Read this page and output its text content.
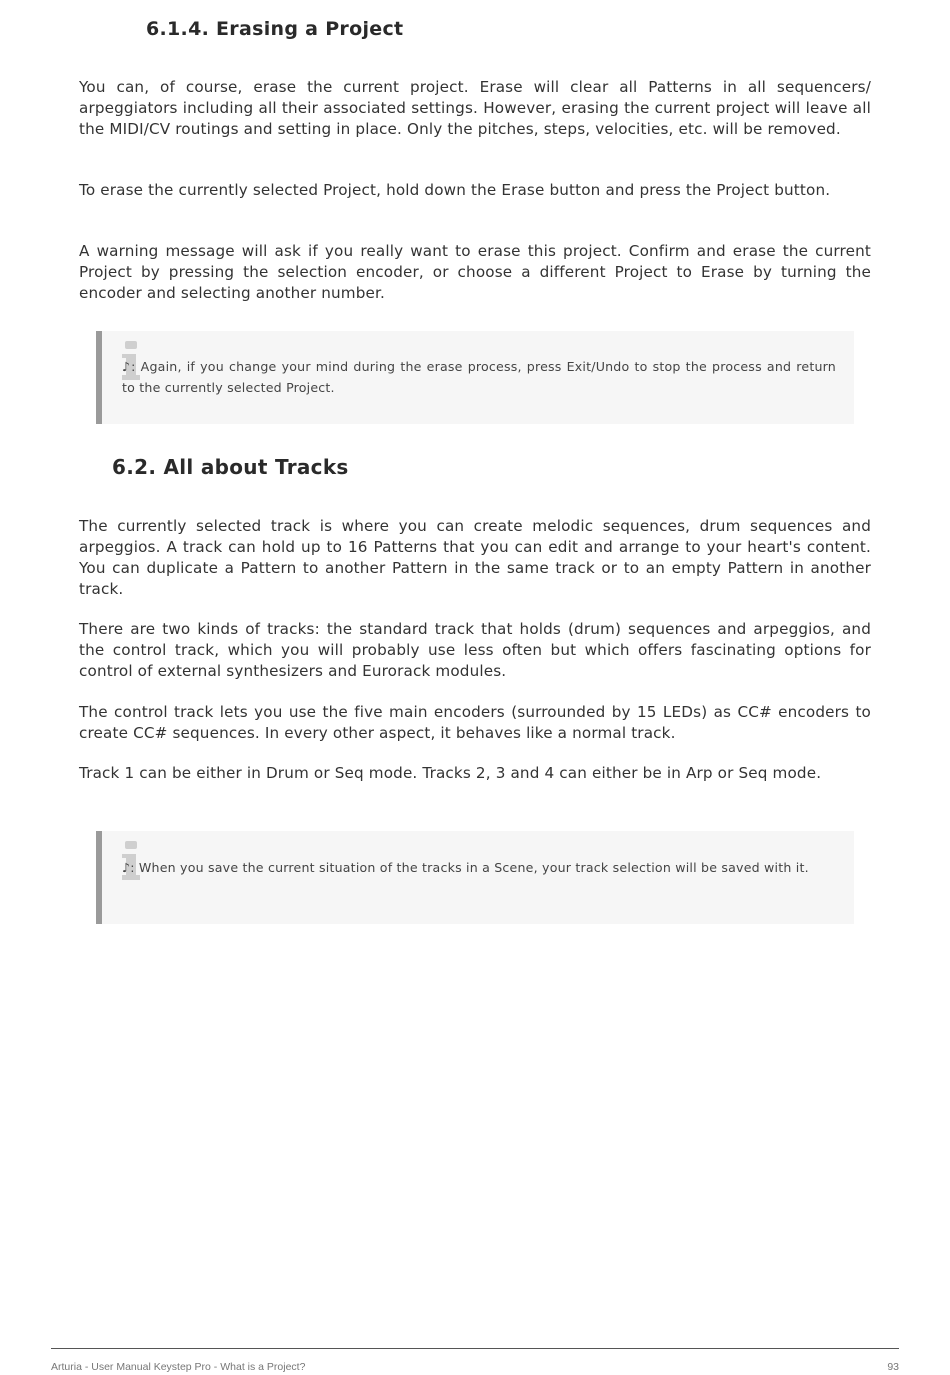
6.1.4. Erasing a Project

You can, of course, erase the current project. Erase will clear all Patterns in all sequencers/ arpeggiators including all their associated settings. However, erasing the current project will leave all the MIDI/CV routings and setting in place. Only the pitches, steps, velocities, etc. will be removed.

To erase the currently selected Project, hold down the Erase button and press the Project button.

A warning message will ask if you really want to erase this project. Confirm and erase the current Project by pressing the selection encoder, or choose a different Project to Erase by turning the encoder and selecting another number.

♪: Again, if you change your mind during the erase process, press Exit/Undo to stop the process and return to the currently selected Project.

6.2. All about Tracks

The currently selected track is where you can create melodic sequences, drum sequences and arpeggios. A track can hold up to 16 Patterns that you can edit and arrange to your heart's content. You can duplicate a Pattern to another Pattern in the same track or to an empty Pattern in another track.

There are two kinds of tracks: the standard track that holds (drum) sequences and arpeggios, and the control track, which you will probably use less often but which offers fascinating options for control of external synthesizers and Eurorack modules.

The control track lets you use the five main encoders (surrounded by 15 LEDs) as CC# encoders to create CC# sequences. In every other aspect, it behaves like a normal track.

Track 1 can be either in Drum or Seq mode. Tracks 2, 3 and 4 can either be in Arp or Seq mode.

♪: When you save the current situation of the tracks in a Scene, your track selection will be saved with it.

Arturia - User Manual Keystep Pro - What is a Project?	93
